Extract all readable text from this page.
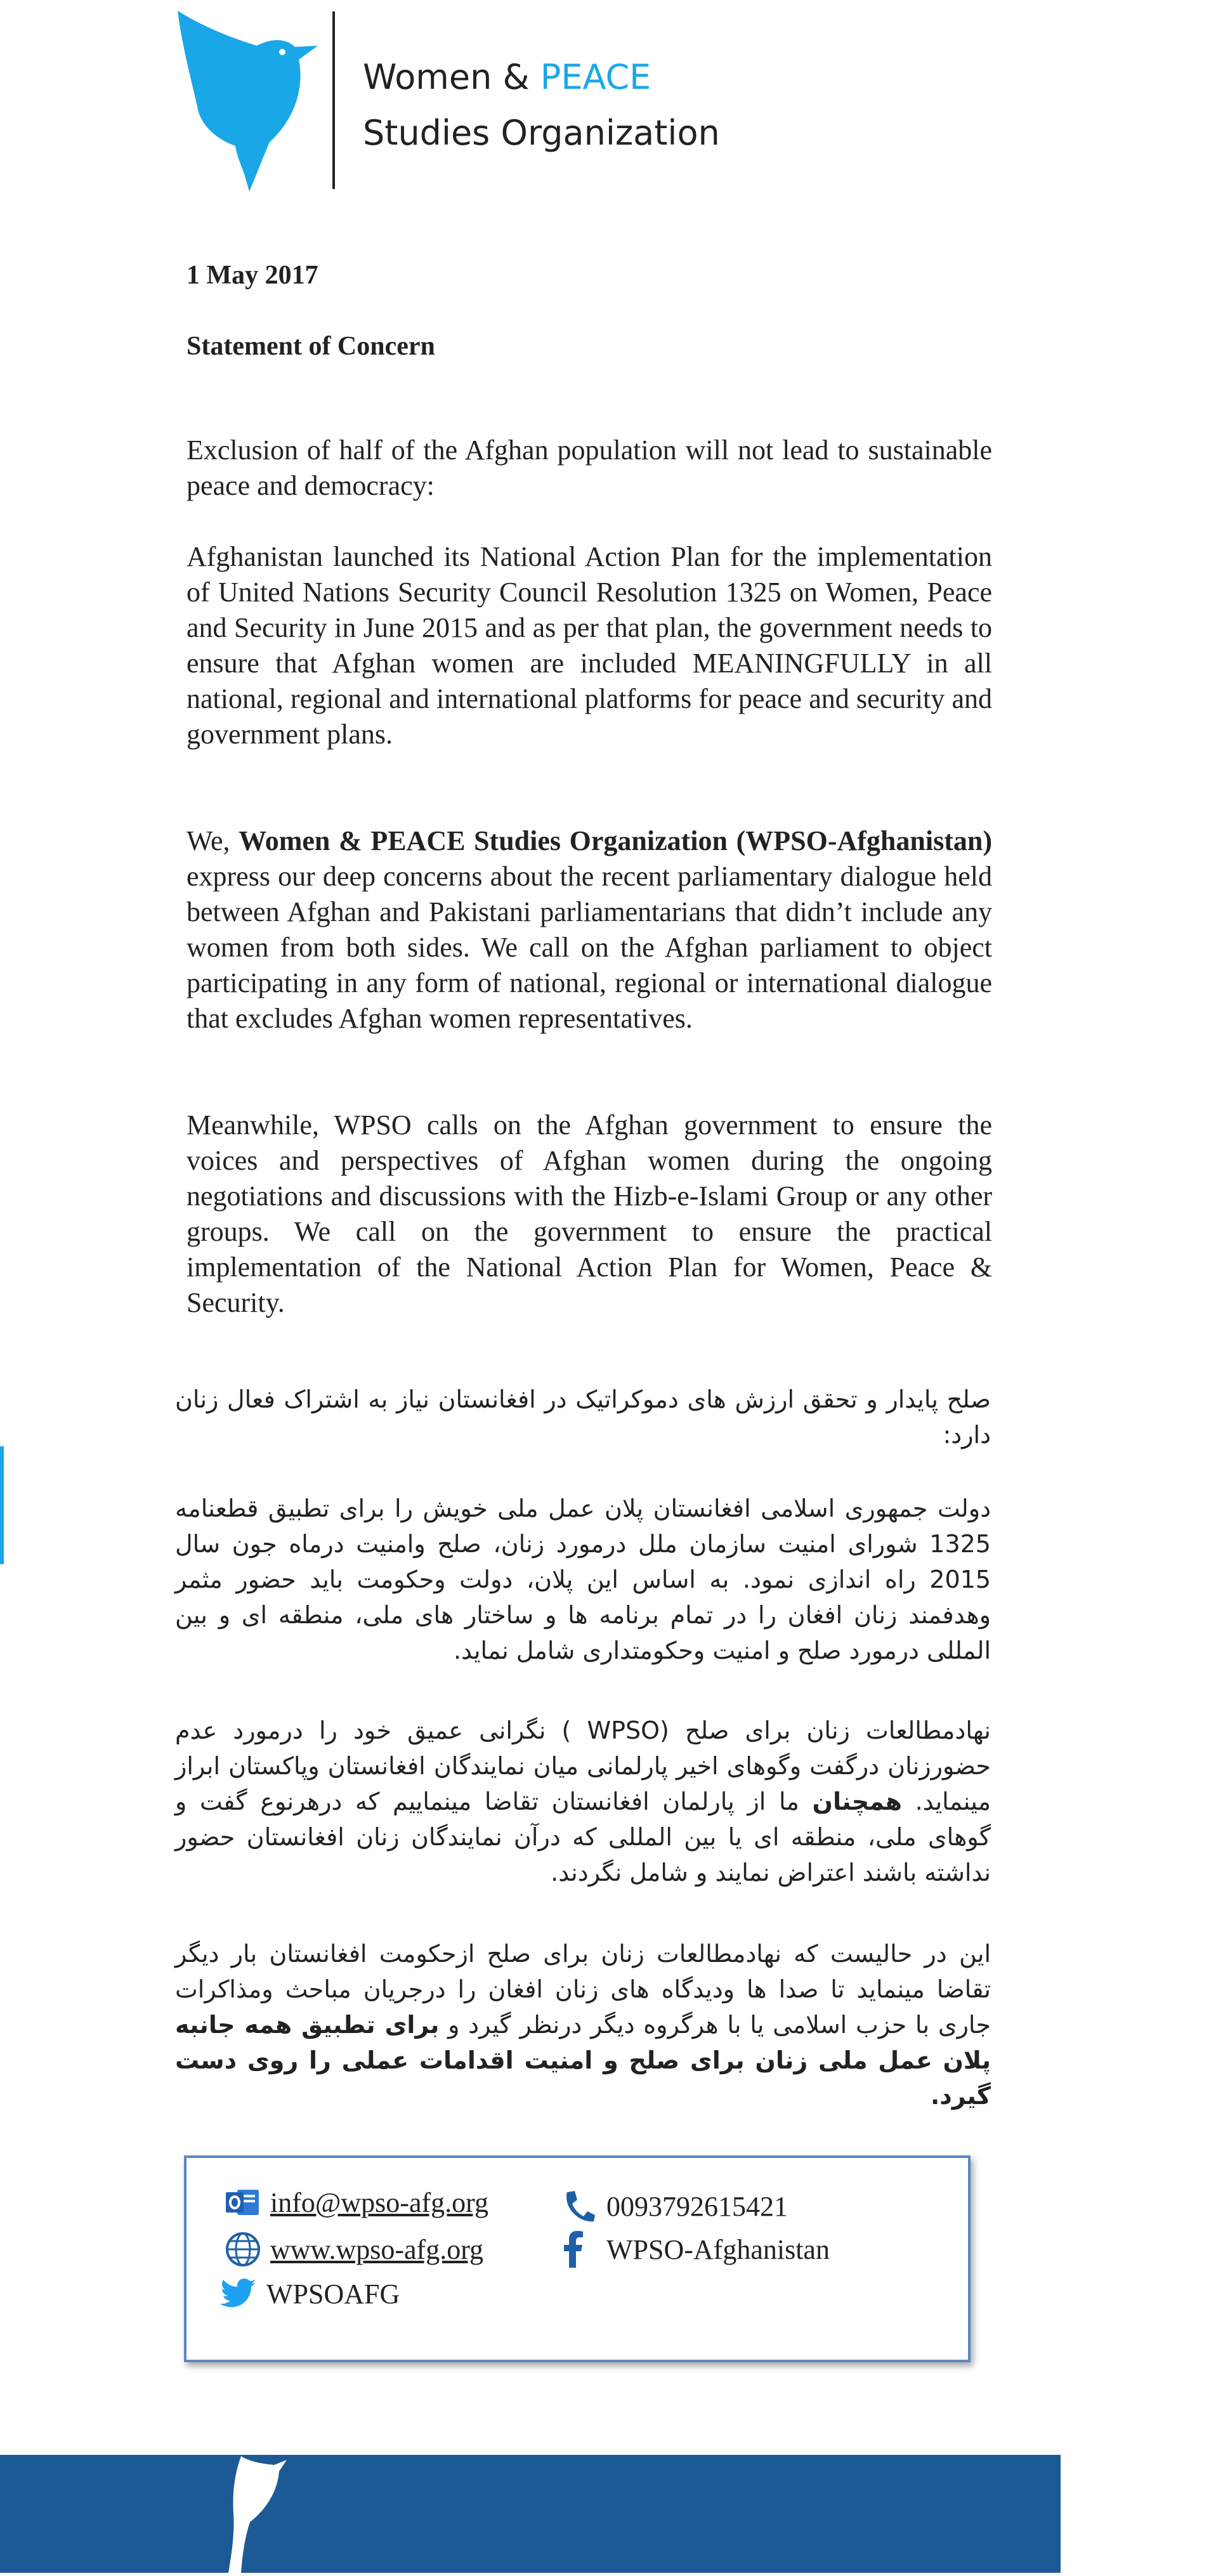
Women & PEACE
Studies Organization
1 May 2017
Statement of Concern

Exclusion of half of the Afghan population will not lead to sustainable peace and democracy:

Afghanistan launched its National Action Plan for the implementation of United Nations Security Council Resolution 1325 on Women, Peace and Security in June 2015 and as per that plan, the government needs to ensure that Afghan women are included MEANINGFULLY in all national, regional and international platforms for peace and security and government plans.

We, Women & PEACE Studies Organization (WPSO-Afghanistan) express our deep concerns about the recent parliamentary dialogue held between Afghan and Pakistani parliamentarians that didn’t include any women from both sides. We call on the Afghan parliament to object participating in any form of national, regional or international dialogue that excludes Afghan women representatives.

Meanwhile, WPSO calls on the Afghan government to ensure the voices and perspectives of Afghan women during the ongoing negotiations and discussions with the Hizb-e-Islami Group or any other groups. We call on the government to ensure the practical implementation of the National Action Plan for Women, Peace & Security.

صلح پایدار و تحقق ارزش های دموکراتیک در افغانستان نیاز به اشتراک فعال زنان دارد:

دولت جمهوری اسلامی افغانستان پلان عمل ملی خویش را برای تطبیق قطعنامه 1325 شورای امنیت سازمان ملل درمورد زنان، صلح وامنیت درماه جون سال 2015 راه اندازی نمود. به اساس این پلان، دولت وحکومت باید حضور مثمر وهدفمند زنان افغان را در تمام برنامه ها و ساختار های ملی، منطقه ای و بین المللی درمورد صلح و امنیت وحکومتداری شامل نماید.

نهادمطالعات زنان برای صلح (WPSO ) نگرانی عمیق خود را درمورد عدم حضورزنان درگفت وگوهای اخیر پارلمانی میان نمایندگان افغانستان وپاکستان ابراز مینماید. همچنان ما از پارلمان افغانستان تقاضا مینماییم که درهرنوع گفت و گوهای ملی، منطقه ای یا بین المللی که درآن نمایندگان زنان افغانستان حضور نداشته باشند اعتراض نمایند و شامل نگردند.

این در حالیست که نهادمطالعات زنان برای صلح ازحکومت افغانستان بار دیگر تقاضا مینماید تا صدا ها ودیدگاه های زنان افغان را درجریان مباحث ومذاکرات جاری با حزب اسلامی یا با هرگروه دیگر درنظر گیرد و برای تطبیق همه جانبه پلان عمل ملی زنان برای صلح و امنیت اقدامات عملی را روی دست گیرد.

info@wpso-afg.org	0093792615421
www.wpso-afg.org	WPSO-Afghanistan
WPSOAFG
